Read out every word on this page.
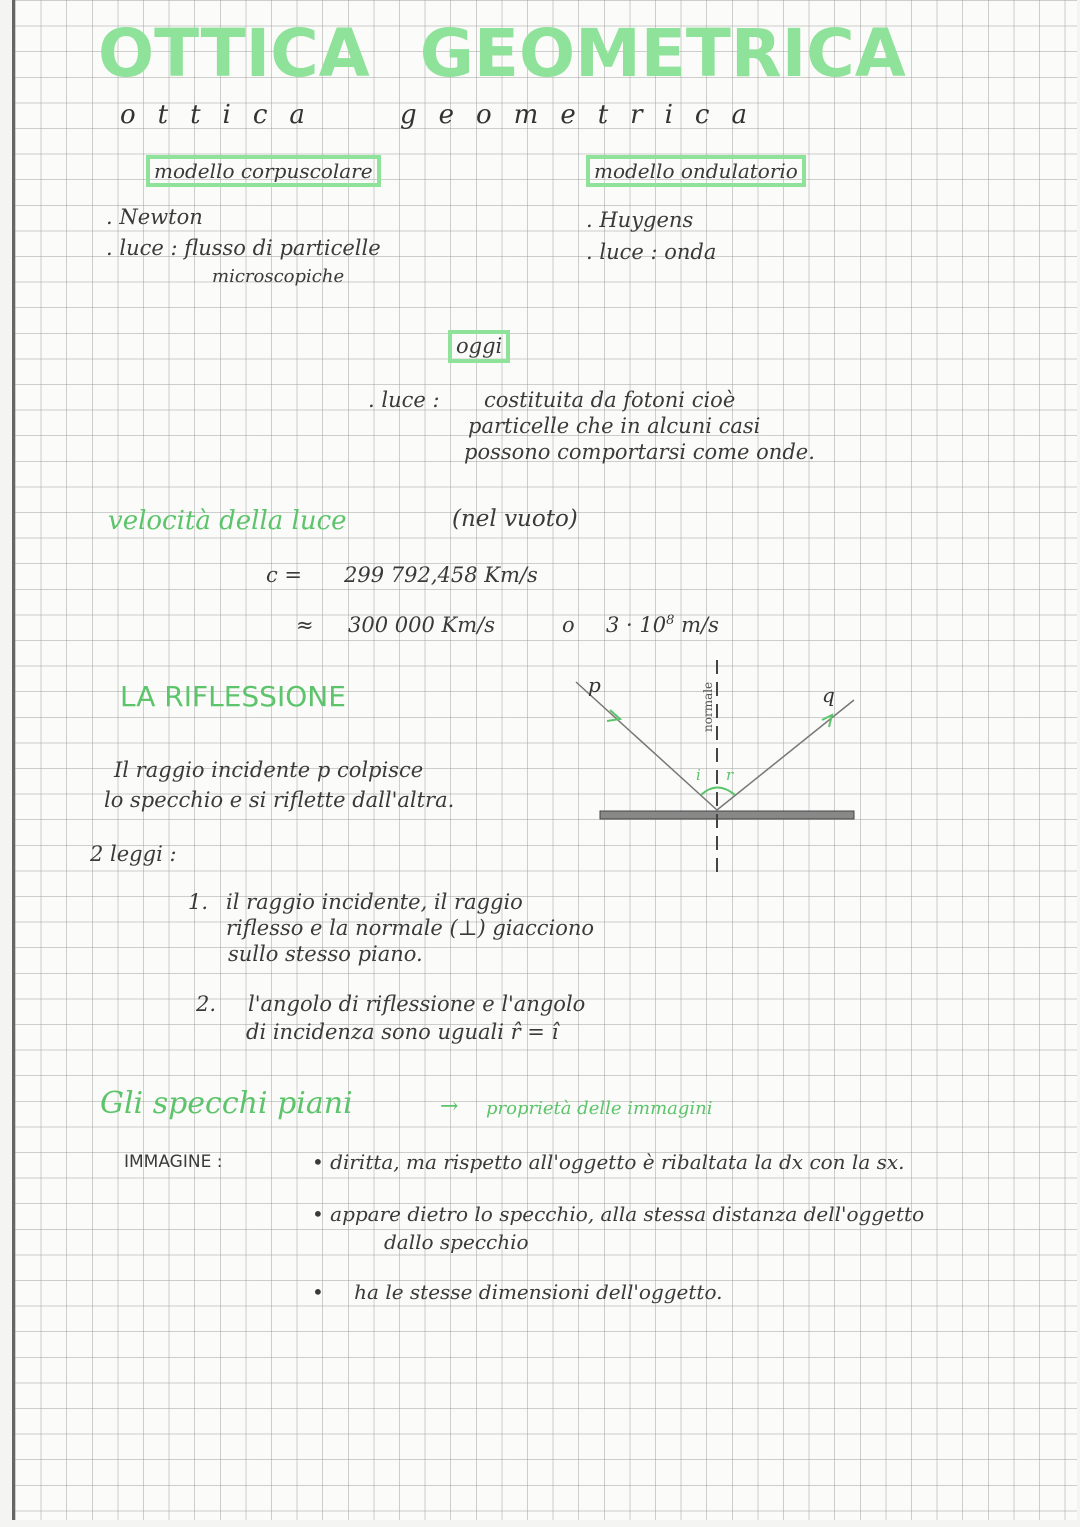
OTTICA GEOMETRICA
ottica	geometrica
modello corpuscolare
. Newton
. luce : flusso di particelle
microscopiche
modello ondulatorio
. Huygens
. luce : onda
oggi
. luce : costituita da fotoni cioè
particelle che in alcuni casi
possono comportarsi come onde.
velocità della luce	(nel vuoto)
c = 299 792,458 Km/s
≈ 300 000 Km/s	o $3 \cdot 10^8$ m/s
LA RIFLESSIONE
Il raggio incidente p colpisce
lo specchio e si riflette dall'altra.
2 leggi :
1. il raggio incidente, il raggio
riflesso e la normale (⊥) giacciono
sullo stesso piano.
2. l'angolo di riflessione e l'angolo
di incidenza sono uguali r̂ = î
p	q
i r
normale
Gli specchi piani	→ proprietà delle immagini
IMMAGINE :	• diritta, ma rispetto all'oggetto è ribaltata la dx con la sx.
• appare dietro lo specchio, alla stessa distanza dell'oggetto
dallo specchio
• ha le stesse dimensioni dell'oggetto.
